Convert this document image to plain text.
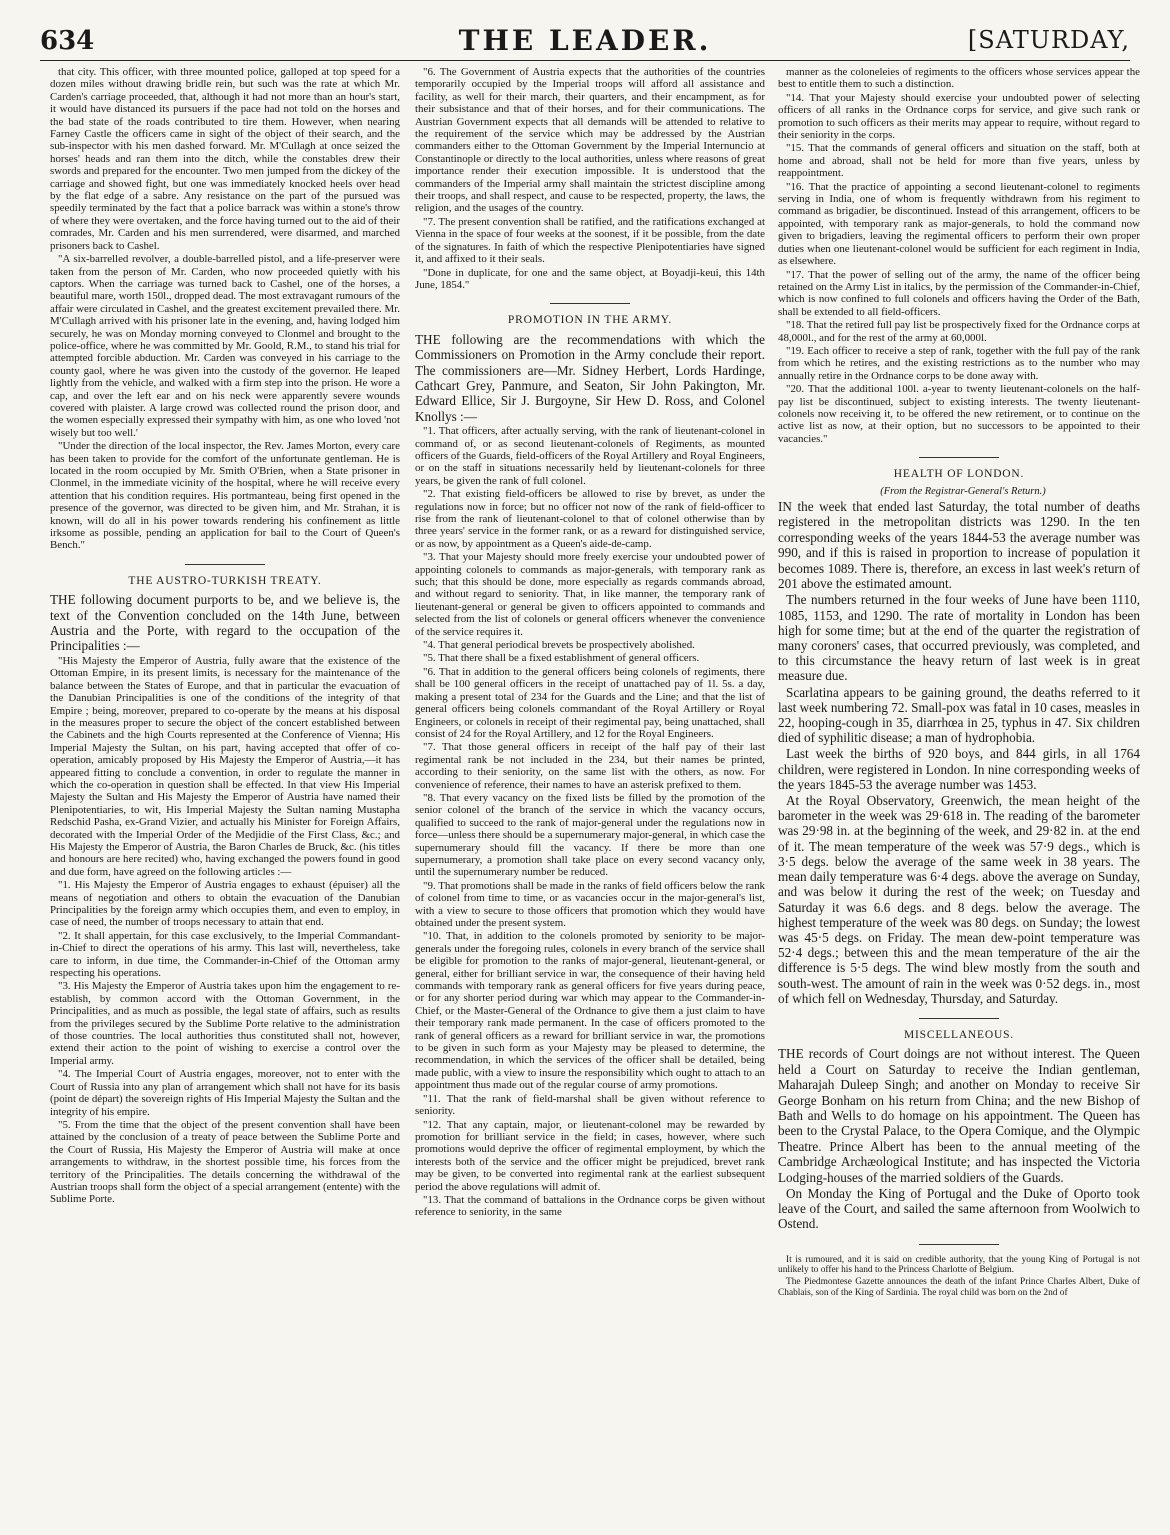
634	THE LEADER.	[SATURDAY,

that city. This officer, with three mounted police, galloped at top speed for a dozen miles without drawing bridle rein, but such was the rate at which Mr. Carden's carriage proceeded, that, although it had not more than an hour's start, it would have distanced its pursuers if the pace had not told on the horses and the bad state of the roads contributed to tire them. However, when nearing Farney Castle the officers came in sight of the object of their search, and the sub-inspector with his men dashed forward. Mr. M'Cullagh at once seized the horses' heads and ran them into the ditch, while the constables drew their swords and prepared for the encounter. Two men jumped from the dickey of the carriage and showed fight, but one was immediately knocked heels over head by the flat edge of a sabre. Any resistance on the part of the pursued was speedily terminated by the fact that a police barrack was within a stone's throw of where they were overtaken, and the force having turned out to the aid of their comrades, Mr. Carden and his men surrendered, were disarmed, and marched prisoners back to Cashel.

"A six-barrelled revolver, a double-barrelled pistol, and a life-preserver were taken from the person of Mr. Carden, who now proceeded quietly with his captors. When the carriage was turned back to Cashel, one of the horses, a beautiful mare, worth 150l., dropped dead. The most extravagant rumours of the affair were circulated in Cashel, and the greatest excitement prevailed there. Mr. M'Cullagh arrived with his prisoner late in the evening, and, having lodged him securely, he was on Monday morning conveyed to Clonmel and brought to the police-office, where he was committed by Mr. Goold, R.M., to stand his trial for attempted forcible abduction. Mr. Carden was conveyed in his carriage to the county gaol, where he was given into the custody of the governor. He leaped lightly from the vehicle, and walked with a firm step into the prison. He wore a cap, and over the left ear and on his neck were apparently severe wounds covered with plaister. A large crowd was collected round the prison door, and the women especially expressed their sympathy with him, as one who loved 'not wisely but too well.'

"Under the direction of the local inspector, the Rev. James Morton, every care has been taken to provide for the comfort of the unfortunate gentleman. He is located in the room occupied by Mr. Smith O'Brien, when a State prisoner in Clonmel, in the immediate vicinity of the hospital, where he will receive every attention that his condition requires. His portmanteau, being first opened in the presence of the governor, was directed to be given him, and Mr. Strahan, it is known, will do all in his power towards rendering his confinement as little irksome as possible, pending an application for bail to the Court of Queen's Bench."

THE AUSTRO-TURKISH TREATY.

THE following document purports to be, and we believe is, the text of the Convention concluded on the 14th June, between Austria and the Porte, with regard to the occupation of the Principalities :—

"His Majesty the Emperor of Austria, fully aware that the existence of the Ottoman Empire, in its present limits, is necessary for the maintenance of the balance between the States of Europe, and that in particular the evacuation of the Danubian Principalities is one of the conditions of the integrity of that Empire ; being, moreover, prepared to co-operate by the means at his disposal in the measures proper to secure the object of the concert established between the Cabinets and the high Courts represented at the Conference of Vienna; His Imperial Majesty the Sultan, on his part, having accepted that offer of co-operation, amicably proposed by His Majesty the Emperor of Austria,—it has appeared fitting to conclude a convention, in order to regulate the manner in which the co-operation in question shall be effected. In that view His Imperial Majesty the Sultan and His Majesty the Emperor of Austria have named their Plenipotentiaries, to wit, His Imperial Majesty the Sultan naming Mustapha Redschid Pasha, ex-Grand Vizier, and actually his Minister for Foreign Affairs, decorated with the Imperial Order of the Medjidie of the First Class, &c.; and His Majesty the Emperor of Austria, the Baron Charles de Bruck, &c. (his titles and honours are here recited) who, having exchanged the powers found in good and due form, have agreed on the following articles :—

"1. His Majesty the Emperor of Austria engages to exhaust (épuiser) all the means of negotiation and others to obtain the evacuation of the Danubian Principalities by the foreign army which occupies them, and even to employ, in case of need, the number of troops necessary to attain that end.

"2. It shall appertain, for this case exclusively, to the Imperial Commandant-in-Chief to direct the operations of his army. This last will, nevertheless, take care to inform, in due time, the Commander-in-Chief of the Ottoman army respecting his operations.

"3. His Majesty the Emperor of Austria takes upon him the engagement to re-establish, by common accord with the Ottoman Government, in the Principalities, and as much as possible, the legal state of affairs, such as results from the privileges secured by the Sublime Porte relative to the administration of those countries. The local authorities thus constituted shall not, however, extend their action to the point of wishing to exercise a control over the Imperial army.

"4. The Imperial Court of Austria engages, moreover, not to enter with the Court of Russia into any plan of arrangement which shall not have for its basis (point de départ) the sovereign rights of His Imperial Majesty the Sultan and the integrity of his empire.

"5. From the time that the object of the present convention shall have been attained by the conclusion of a treaty of peace between the Sublime Porte and the Court of Russia, His Majesty the Emperor of Austria will make at once arrangements to withdraw, in the shortest possible time, his forces from the territory of the Principalities. The details concerning the withdrawal of the Austrian troops shall form the object of a special arrangement (entente) with the Sublime Porte.

"6. The Government of Austria expects that the authorities of the countries temporarily occupied by the Imperial troops will afford all assistance and facility, as well for their march, their quarters, and their encampment, as for their subsistance and that of their horses, and for their communications. The Austrian Government expects that all demands will be attended to relative to the requirement of the service which may be addressed by the Austrian commanders either to the Ottoman Government by the Imperial Internuncio at Constantinople or directly to the local authorities, unless where reasons of great importance render their execution impossible. It is understood that the commanders of the Imperial army shall maintain the strictest discipline among their troops, and shall respect, and cause to be respected, property, the laws, the religion, and the usages of the country.

"7. The present convention shall be ratified, and the ratifications exchanged at Vienna in the space of four weeks at the soonest, if it be possible, from the date of the signatures. In faith of which the respective Plenipotentiaries have signed it, and affixed to it their seals.

"Done in duplicate, for one and the same object, at Boyadji-keui, this 14th June, 1854."

PROMOTION IN THE ARMY.

THE following are the recommendations with which the Commissioners on Promotion in the Army conclude their report. The commissioners are—Mr. Sidney Herbert, Lords Hardinge, Cathcart Grey, Panmure, and Seaton, Sir John Pakington, Mr. Edward Ellice, Sir J. Burgoyne, Sir Hew D. Ross, and Colonel Knollys :—

"1. That officers, after actually serving, with the rank of lieutenant-colonel in command of, or as second lieutenant-colonels of Regiments, as mounted officers of the Guards, field-officers of the Royal Artillery and Royal Engineers, or on the staff in situations necessarily held by lieutenant-colonels for three years, be given the rank of full colonel.

"2. That existing field-officers be allowed to rise by brevet, as under the regulations now in force; but no officer not now of the rank of field-officer to rise from the rank of lieutenant-colonel to that of colonel otherwise than by three years' service in the former rank, or as a reward for distinguished service, or as now, by appointment as a Queen's aide-de-camp.

"3. That your Majesty should more freely exercise your undoubted power of appointing colonels to commands as major-generals, with temporary rank as such; that this should be done, more especially as regards commands abroad, and without regard to seniority. That, in like manner, the temporary rank of lieutenant-general or general be given to officers appointed to commands and selected from the list of colonels or general officers whenever the convenience of the service requires it.

"4. That general periodical brevets be prospectively abolished.

"5. That there shall be a fixed establishment of general officers.

"6. That in addition to the general officers being colonels of regiments, there shall be 100 general officers in the receipt of unattached pay of 1l. 5s. a day, making a present total of 234 for the Guards and the Line; and that the list of general officers being colonels commandant of the Royal Artillery or Royal Engineers, or colonels in receipt of their regimental pay, being unattached, shall consist of 24 for the Royal Artillery, and 12 for the Royal Engineers.

"7. That those general officers in receipt of the half pay of their last regimental rank be not included in the 234, but their names be printed, according to their seniority, on the same list with the others, as now. For convenience of reference, their names to have an asterisk prefixed to them.

"8. That every vacancy on the fixed lists be filled by the promotion of the senior colonel of the branch of the service in which the vacancy occurs, qualified to succeed to the rank of major-general under the regulations now in force—unless there should be a supernumerary major-general, in which case the supernumerary should fill the vacancy. If there be more than one supernumerary, a promotion shall take place on every second vacancy only, until the supernumerary number be reduced.

"9. That promotions shall be made in the ranks of field officers below the rank of colonel from time to time, or as vacancies occur in the major-general's list, with a view to secure to those officers that promotion which they would have obtained under the present system.

"10. That, in addition to the colonels promoted by seniority to be major-generals under the foregoing rules, colonels in every branch of the service shall be eligible for promotion to the ranks of major-general, lieutenant-general, or general, either for brilliant service in war, the consequence of their having held commands with temporary rank as general officers for five years during peace, or for any shorter period during war which may appear to the Commander-in-Chief, or the Master-General of the Ordnance to give them a just claim to have their temporary rank made permanent. In the case of officers promoted to the rank of general officers as a reward for brilliant service in war, the promotions to be given in such form as your Majesty may be pleased to determine, the recommendation, in which the services of the officer shall be detailed, being made public, with a view to insure the responsibility which ought to attach to an appointment thus made out of the regular course of army promotions.

"11. That the rank of field-marshal shall be given without reference to seniority.

"12. That any captain, major, or lieutenant-colonel may be rewarded by promotion for brilliant service in the field; in cases, however, where such promotions would deprive the officer of regimental employment, by which the interests both of the service and the officer might be prejudiced, brevet rank may be given, to be converted into regimental rank at the earliest subsequent period the above regulations will admit of.

"13. That the command of battalions in the Ordnance corps be given without reference to seniority, in the same

manner as the coloneleies of regiments to the officers whose services appear the best to entitle them to such a distinction.

"14. That your Majesty should exercise your undoubted power of selecting officers of all ranks in the Ordnance corps for service, and give such rank or promotion to such officers as their merits may appear to require, without regard to their seniority in the corps.

"15. That the commands of general officers and situation on the staff, both at home and abroad, shall not be held for more than five years, unless by reappointment.

"16. That the practice of appointing a second lieutenant-colonel to regiments serving in India, one of whom is frequently withdrawn from his regiment to command as brigadier, be discontinued. Instead of this arrangement, officers to be appointed, with temporary rank as major-generals, to hold the command now given to brigadiers, leaving the regimental officers to perform their own proper duties when one lieutenant-colonel would be sufficient for each regiment in India, as elsewhere.

"17. That the power of selling out of the army, the name of the officer being retained on the Army List in italics, by the permission of the Commander-in-Chief, which is now confined to full colonels and officers having the Order of the Bath, shall be extended to all field-officers.

"18. That the retired full pay list be prospectively fixed for the Ordnance corps at 48,000l., and for the rest of the army at 60,000l.

"19. Each officer to receive a step of rank, together with the full pay of the rank from which he retires, and the existing restrictions as to the number who may annually retire in the Ordnance corps to be done away with.

"20. That the additional 100l. a-year to twenty lieutenant-colonels on the half-pay list be discontinued, subject to existing interests. The twenty lieutenant-colonels now receiving it, to be offered the new retirement, or to continue on the active list as now, at their option, but no successors to be appointed to their vacancies."

HEALTH OF LONDON.

(From the Registrar-General's Return.)

IN the week that ended last Saturday, the total number of deaths registered in the metropolitan districts was 1290. In the ten corresponding weeks of the years 1844-53 the average number was 990, and if this is raised in proportion to increase of population it becomes 1089. There is, therefore, an excess in last week's return of 201 above the estimated amount.

The numbers returned in the four weeks of June have been 1110, 1085, 1153, and 1290. The rate of mortality in London has been high for some time; but at the end of the quarter the registration of many coroners' cases, that occurred previously, was completed, and to this circumstance the heavy return of last week is in great measure due.

Scarlatina appears to be gaining ground, the deaths referred to it last week numbering 72. Small-pox was fatal in 10 cases, measles in 22, hooping-cough in 35, diarrhœa in 25, typhus in 47. Six children died of syphilitic disease; a man of hydrophobia.

Last week the births of 920 boys, and 844 girls, in all 1764 children, were registered in London. In nine corresponding weeks of the years 1845-53 the average number was 1453.

At the Royal Observatory, Greenwich, the mean height of the barometer in the week was 29·618 in. The reading of the barometer was 29·98 in. at the beginning of the week, and 29·82 in. at the end of it. The mean temperature of the week was 57·9 degs., which is 3·5 degs. below the average of the same week in 38 years. The mean daily temperature was 6·4 degs. above the average on Sunday, and was below it during the rest of the week; on Tuesday and Saturday it was 6.6 degs. and 8 degs. below the average. The highest temperature of the week was 80 degs. on Sunday; the lowest was 45·5 degs. on Friday. The mean dew-point temperature was 52·4 degs.; between this and the mean temperature of the air the difference is 5·5 degs. The wind blew mostly from the south and south-west. The amount of rain in the week was 0·52 degs. in., most of which fell on Wednesday, Thursday, and Saturday.

MISCELLANEOUS.

THE records of Court doings are not without interest. The Queen held a Court on Saturday to receive the Indian gentleman, Maharajah Duleep Singh; and another on Monday to receive Sir George Bonham on his return from China; and the new Bishop of Bath and Wells to do homage on his appointment. The Queen has been to the Crystal Palace, to the Opera Comique, and the Olympic Theatre. Prince Albert has been to the annual meeting of the Cambridge Archæological Institute; and has inspected the Victoria Lodging-houses of the married soldiers of the Guards.

On Monday the King of Portugal and the Duke of Oporto took leave of the Court, and sailed the same afternoon from Woolwich to Ostend.

It is rumoured, and it is said on credible authority, that the young King of Portugal is not unlikely to offer his hand to the Princess Charlotte of Belgium.

The Piedmontese Gazette announces the death of the infant Prince Charles Albert, Duke of Chablais, son of the King of Sardinia. The royal child was born on the 2nd of
